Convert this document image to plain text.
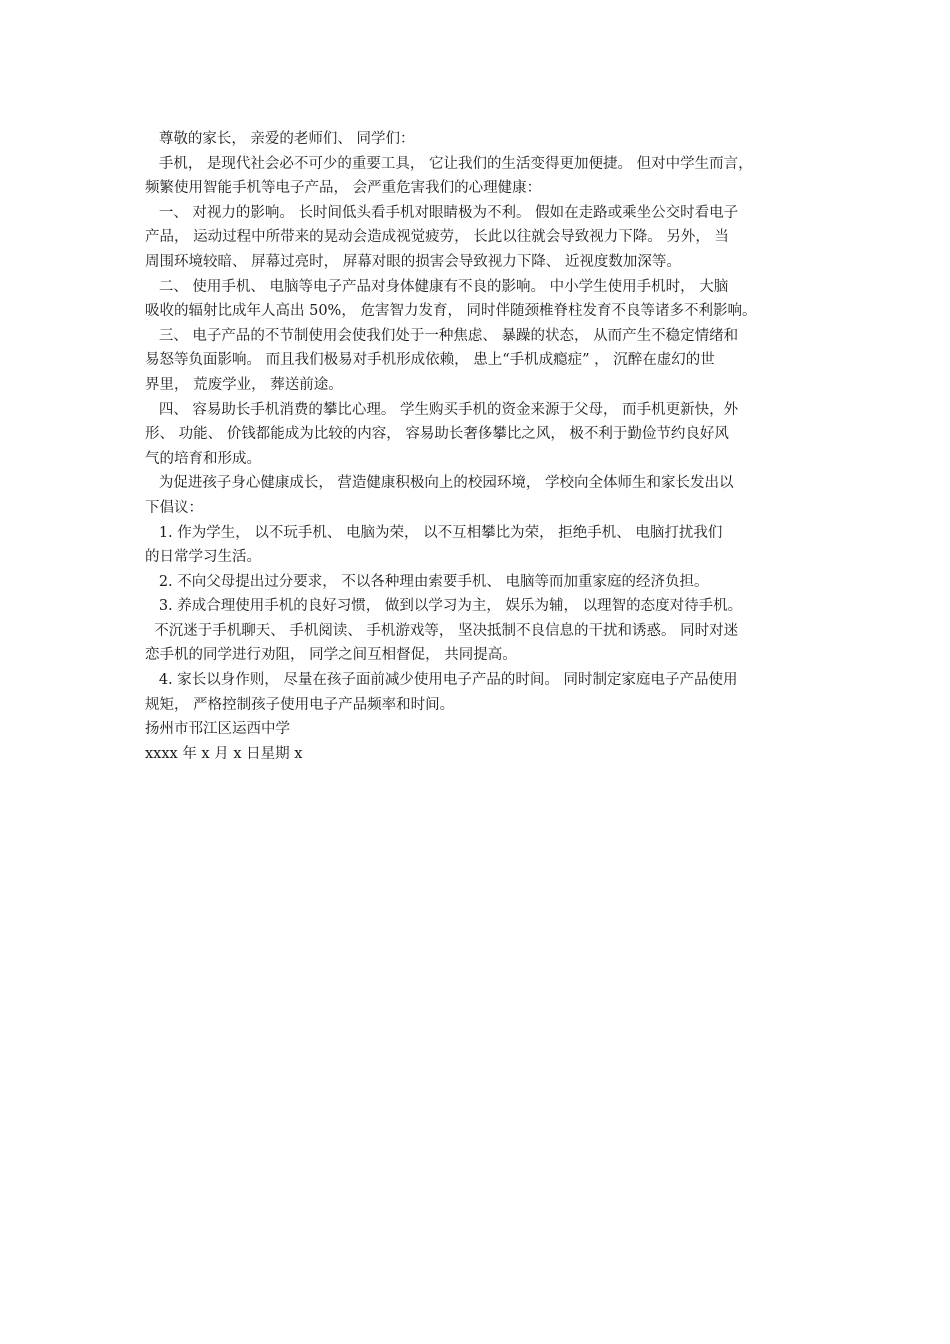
尊敬的家长， 亲爱的老师们、 同学们：
手机， 是现代社会必不可少的重要工具， 它让我们的生活变得更加便捷。 但对中学生而言，
频繁使用智能手机等电子产品， 会严重危害我们的心理健康：
一、 对视力的影响。 长时间低头看手机对眼睛极为不利。 假如在走路或乘坐公交时看电子
产品， 运动过程中所带来的晃动会造成视觉疲劳， 长此以往就会导致视力下降。 另外， 当
周围环境较暗、 屏幕过亮时， 屏幕对眼的损害会导致视力下降、 近视度数加深等。
二、 使用手机、 电脑等电子产品对身体健康有不良的影响。 中小学生使用手机时， 大脑
吸收的辐射比成年人高出 50%， 危害智力发育， 同时伴随颈椎脊柱发育不良等诸多不利影响。
三、 电子产品的不节制使用会使我们处于一种焦虑、 暴躁的状态， 从而产生不稳定情绪和
易怒等负面影响。 而且我们极易对手机形成依赖， 患上“手机成瘾症” ， 沉醉在虚幻的世
界里， 荒废学业， 葬送前途。
四、 容易助长手机消费的攀比心理。 学生购买手机的资金来源于父母， 而手机更新快，外
形、 功能、 价钱都能成为比较的内容， 容易助长奢侈攀比之风， 极不利于勤俭节约良好风
气的培育和形成。
为促进孩子身心健康成长， 营造健康积极向上的校园环境， 学校向全体师生和家长发出以
下倡议：
1. 作为学生， 以不玩手机、 电脑为荣， 以不互相攀比为荣， 拒绝手机、 电脑打扰我们
的日常学习生活。
2. 不向父母提出过分要求， 不以各种理由索要手机、 电脑等而加重家庭的经济负担。
3. 养成合理使用手机的良好习惯， 做到以学习为主， 娱乐为辅， 以理智的态度对待手机。
不沉迷于手机聊天、 手机阅读、 手机游戏等， 坚决抵制不良信息的干扰和诱惑。 同时对迷
恋手机的同学进行劝阻， 同学之间互相督促， 共同提高。
4. 家长以身作则， 尽量在孩子面前减少使用电子产品的时间。 同时制定家庭电子产品使用
规矩， 严格控制孩子使用电子产品频率和时间。
扬州市邗江区运西中学
xxxx 年 x 月 x 日星期 x
